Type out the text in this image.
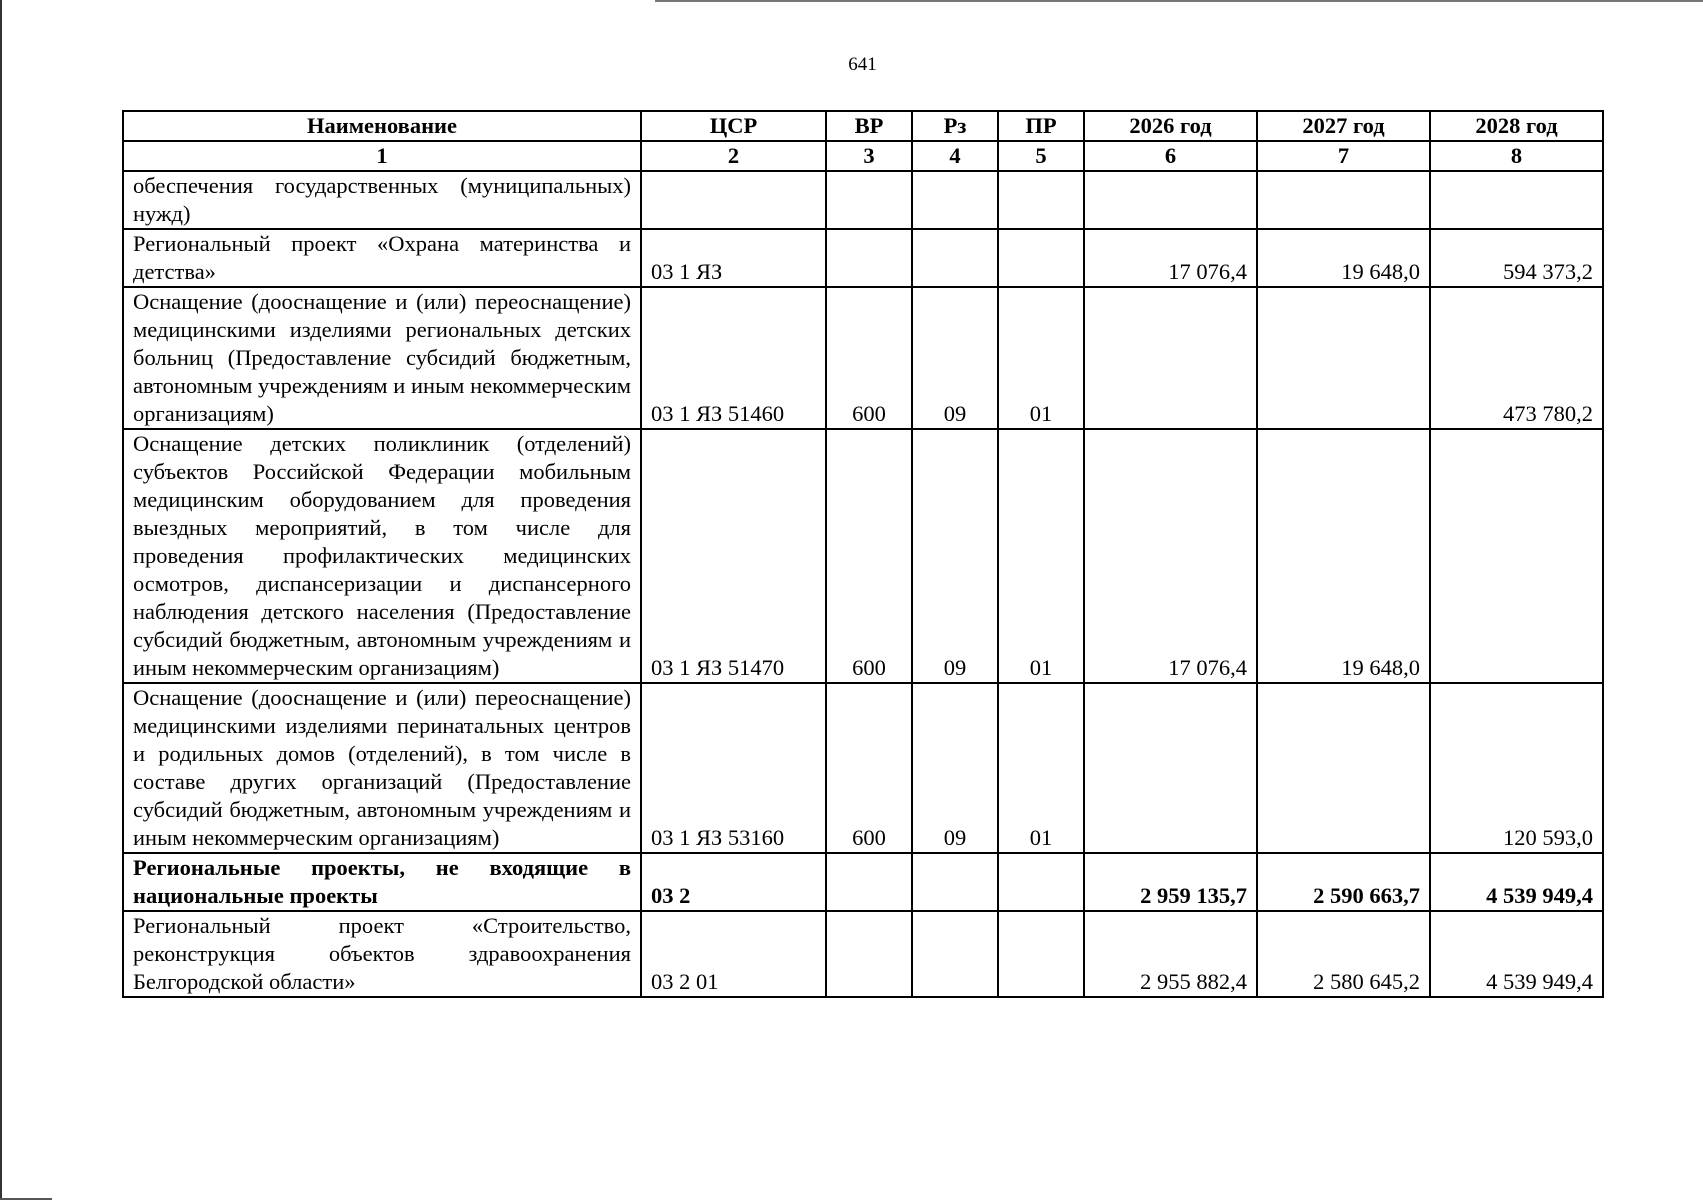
641
Наименование	ЦСР	ВР	Рз	ПР	2026 год	2027 год	2028 год
1	2	3	4	5	6	7	8
обеспечения государственных (муниципальных) нужд)							
Региональный проект «Охрана материнства и детства»	03 1 ЯЗ				17 076,4	19 648,0	594 373,2
Оснащение (дооснащение и (или) переоснащение) медицинскими изделиями региональных детских больниц (Предоставление субсидий бюджетным, автономным учреждениям и иным некоммерческим организациям)	03 1 ЯЗ 51460	600	09	01			473 780,2
Оснащение детских поликлиник (отделений) субъектов Российской Федерации мобильным медицинским оборудованием для проведения выездных мероприятий, в том числе для проведения профилактических медицинских осмотров, диспансеризации и диспансерного наблюдения детского населения (Предоставление субсидий бюджетным, автономным учреждениям и иным некоммерческим организациям)	03 1 ЯЗ 51470	600	09	01	17 076,4	19 648,0	
Оснащение (дооснащение и (или) переоснащение) медицинскими изделиями перинатальных центров и родильных домов (отделений), в том числе в составе других организаций (Предоставление субсидий бюджетным, автономным учреждениям и иным некоммерческим организациям)	03 1 ЯЗ 53160	600	09	01			120 593,0
Региональные проекты, не входящие в национальные проекты	03 2				2 959 135,7	2 590 663,7	4 539 949,4
Региональный проект «Строительство, реконструкция объектов здравоохранения Белгородской области»	03 2 01				2 955 882,4	2 580 645,2	4 539 949,4
